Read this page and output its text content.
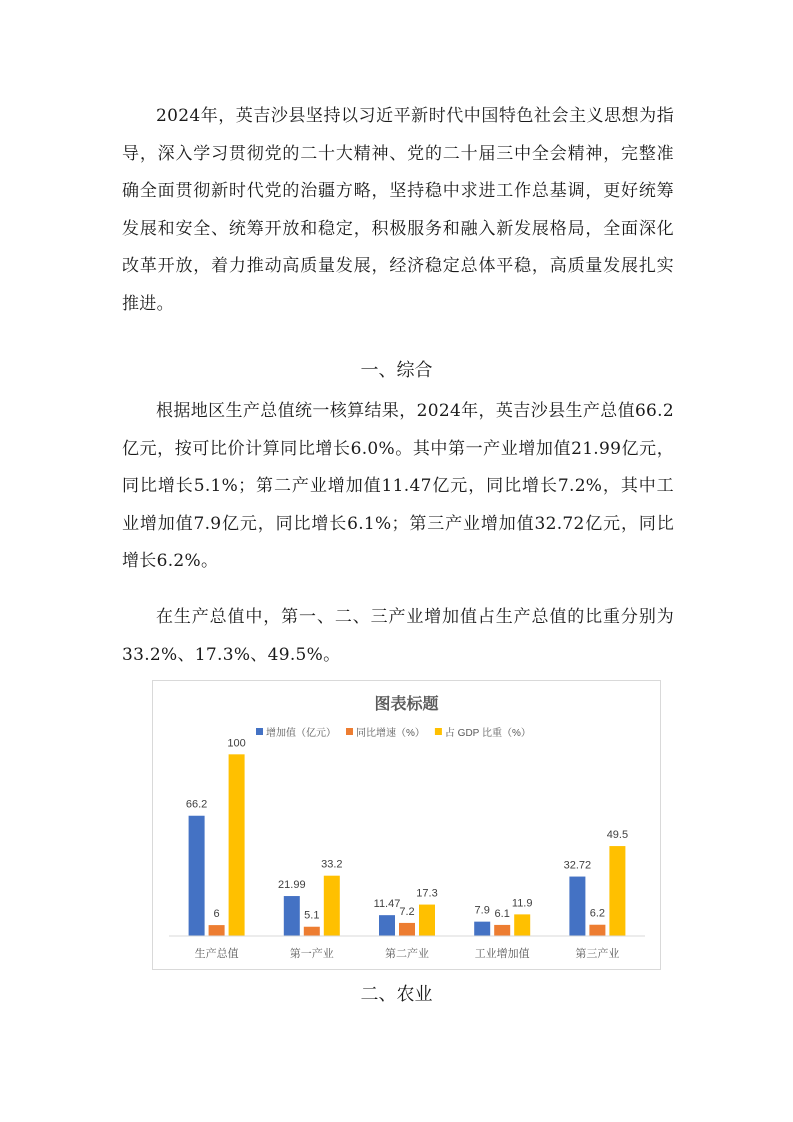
2024年，英吉沙县坚持以习近平新时代中国特色社会主义思想为指导，深入学习贯彻党的二十大精神、党的二十届三中全会精神，完整准确全面贯彻新时代党的治疆方略，坚持稳中求进工作总基调，更好统筹发展和安全、统筹开放和稳定，积极服务和融入新发展格局，全面深化改革开放，着力推动高质量发展，经济稳定总体平稳，高质量发展扎实推进。

一、综合

根据地区生产总值统一核算结果，2024年，英吉沙县生产总值66.2亿元，按可比价计算同比增长6.0%。其中第一产业增加值21.99亿元，同比增长5.1%；第二产业增加值11.47亿元，同比增长7.2%，其中工业增加值7.9亿元，同比增长6.1%；第三产业增加值32.72亿元，同比增长6.2%。

在生产总值中，第一、二、三产业增加值占生产总值的比重分别为33.2%、17.3%、49.5%。

图表标题
增加值（亿元） 同比增速（%） 占 GDP 比重（%）
66.2
6
100
21.99
5.1
33.2
11.47
7.2
17.3
7.9 6.1
11.9
32.72
6.2
49.5
生产总值	第一产业	第二产业	工业增加值	第三产业

二、农业
